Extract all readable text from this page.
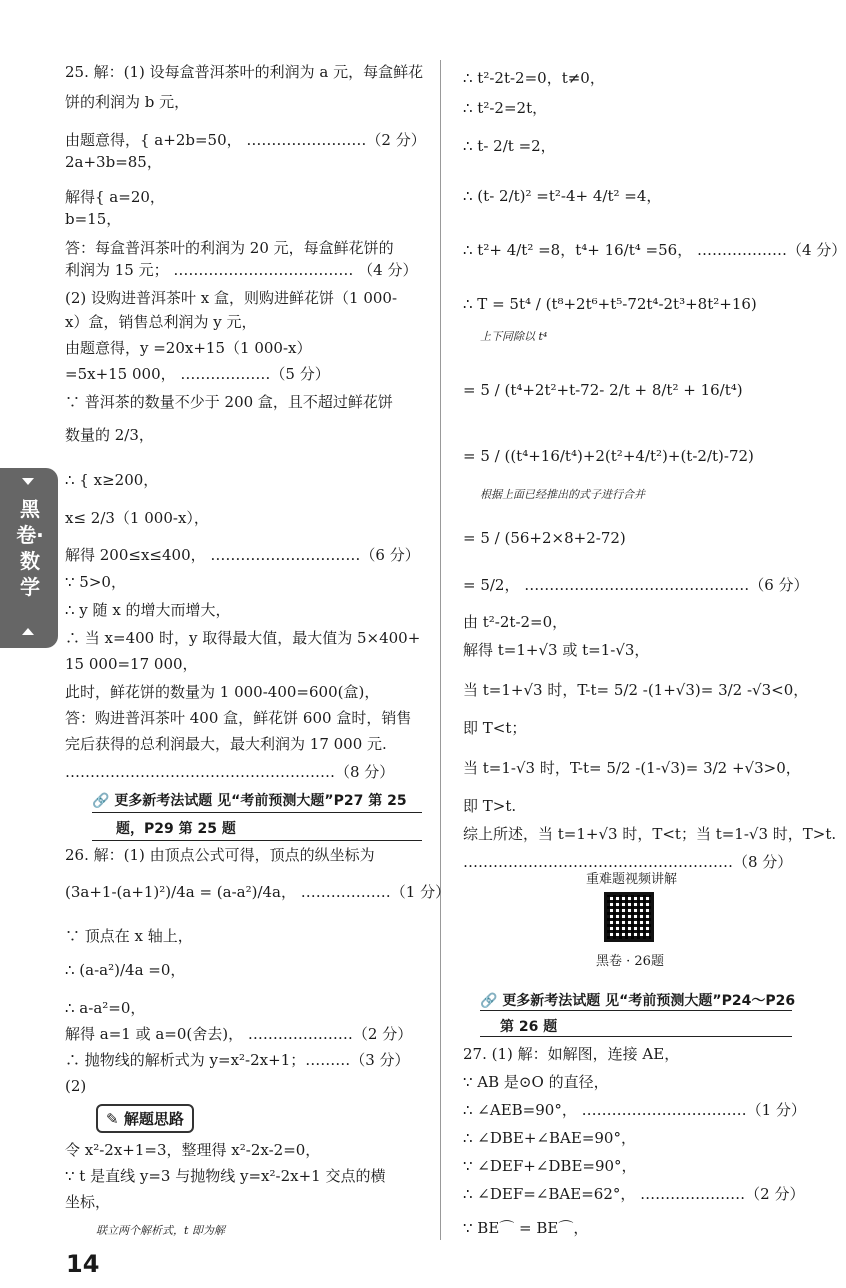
黑卷·数学
25. 解：(1) 设每盒普洱茶叶的利润为 a 元，每盒鲜花
饼的利润为 b 元，
由题意得，{ a+2b=50， ……………………（2 分）
2a+3b=85，
解得{ a=20，
b=15，
答：每盒普洱茶叶的利润为 20 元，每盒鲜花饼的
利润为 15 元； ……………………………… （4 分）
(2) 设购进普洱茶叶 x 盒，则购进鲜花饼（1 000-
x）盒，销售总利润为 y 元，
由题意得，y =20x+15（1 000-x）
=5x+15 000， ………………（5 分）
∵ 普洱茶的数量不少于 200 盒，且不超过鲜花饼
数量的 2/3，
∴ { x≥200，
x≤ 2/3（1 000-x），
解得 200≤x≤400， …………………………（6 分）
∵ 5>0，
∴ y 随 x 的增大而增大，
∴ 当 x=400 时，y 取得最大值，最大值为 5×400+
15 000=17 000，
此时，鲜花饼的数量为 1 000-400=600(盒)，
答：购进普洱茶叶 400 盒，鲜花饼 600 盒时，销售
完后获得的总利润最大，最大利润为 17 000 元.
………………………………………………（8 分）
26. 解：(1) 由顶点公式可得，顶点的纵坐标为
(3a+1-(a+1)²)/4a = (a-a²)/4a， ………………（1 分）
∵ 顶点在 x 轴上，
∴ (a-a²)/4a =0，
∴ a-a²=0，
解得 a=1 或 a=0(舍去)， …………………（2 分）
∴ 抛物线的解析式为 y=x²-2x+1；………（3 分）
(2)
令 x²-2x+1=3，整理得 x²-2x-2=0，
∵ t 是直线 y=3 与抛物线 y=x²-2x+1 交点的横
坐标，
🔗 更多新考法试题 见“考前预测大题”P27 第 25
题，P29 第 25 题
✎ 解题思路
联立两个解析式，t 即为解
∴ t²-2t-2=0，t≠0，
∴ t²-2=2t，
∴ t- 2/t =2，
∴ (t- 2/t)² =t²-4+ 4/t² =4，
∴ t²+ 4/t² =8，t⁴+ 16/t⁴ =56， ………………（4 分）
∴ T = 5t⁴ / (t⁸+2t⁶+t⁵-72t⁴-2t³+8t²+16)
= 5 / (t⁴+2t²+t-72- 2/t + 8/t² + 16/t⁴)
= 5 / ((t⁴+16/t⁴)+2(t²+4/t²)+(t-2/t)-72)
= 5 / (56+2×8+2-72)
= 5/2， ………………………………………（6 分）
由 t²-2t-2=0，
解得 t=1+√3 或 t=1-√3，
当 t=1+√3 时，T-t= 5/2 -(1+√3)= 3/2 -√3<0，
即 T<t；
当 t=1-√3 时，T-t= 5/2 -(1-√3)= 3/2 +√3>0，
即 T>t.
综上所述，当 t=1+√3 时，T<t；当 t=1-√3 时，T>t.
………………………………………………（8 分）
27. (1) 解：如解图，连接 AE，
∵ AB 是⊙O 的直径，
∴ ∠AEB=90°， ……………………………（1 分）
∴ ∠DBE+∠BAE=90°，
∵ ∠DEF+∠DBE=90°，
∴ ∠DEF=∠BAE=62°， …………………（2 分）
∵ BE⌒ = BE⌒，
上下同除以 t⁴
根据上面已经推出的式子进行合并
重难题视频讲解
黑卷 · 26题
🔗 更多新考法试题 见“考前预测大题”P24～P26
第 26 题
14
